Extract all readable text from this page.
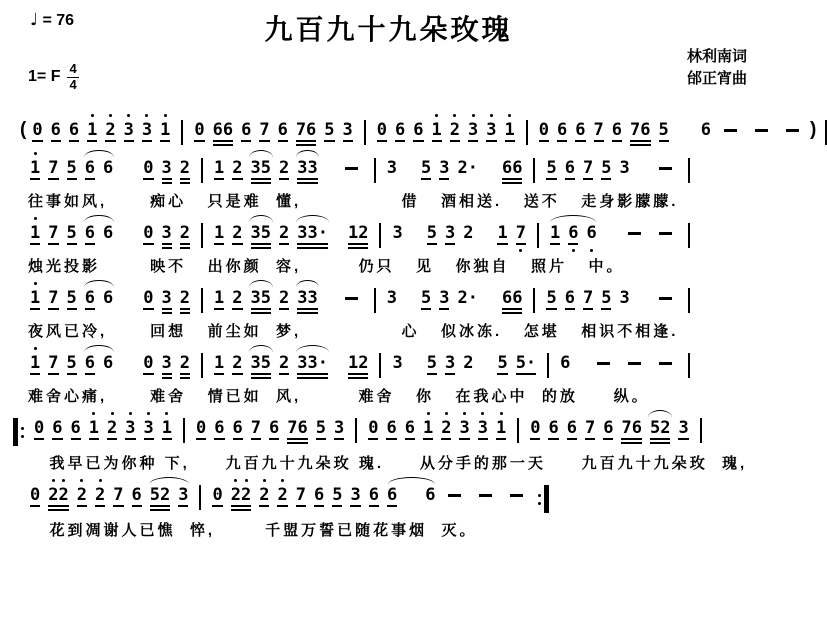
♩ = 76	九百九十九朵玫瑰
林利南词
邰正宵曲
1= F $\frac{4}{4}$
( 0 6 6 1 2 3 3 1 0 66 6 7 6 76 5 3 0 6 6 1 2 3 3 1 0 6 6 7 6 76 5 6	)
1 7 5 6 6 0 3 2 1 2 35 2 33	3 5 3 2· 66 5 6 7 5 3
往事如风,      痴心   只是难  懂,              借   酒相送.   送不   走身影朦朦.
1 7 5 6 6 0 3 2 1 2 35 2 33· 12 3 5 3 2 1 7 1 6 6
烛光投影       映不   出你颜  容,        仍只   见   你独自   照片   中。
1 7 5 6 6 0 3 2 1 2 35 2 33	3 5 3 2· 66 5 6 7 5 3
夜风已冷,      回想   前尘如  梦,              心   似冰冻.   怎堪   相识不相逢.
1 7 5 6 6 0 3 2 1 2 35 2 33· 12 3 5 3 2 5 5· 6
难舍心痛,      难舍   情已如  风,        难舍   你   在我心中  的放     纵。
0 6 6 1 2 3 3 1 0 6 6 7 6 76 5 3 0 6 6 1 2 3 3 1 0 6 6 7 6 76 52 3
我早已为你种 下,     九百九十九朵玫 瑰.     从分手的那一天     九百九十九朵玫  瑰,
0 2
2 2 2 7 6 52 3 0 2
2 2 2 7 6 5 3 6 6 6
花到凋谢人已憔  悴,       千盟万誓已随花事烟  灭。
